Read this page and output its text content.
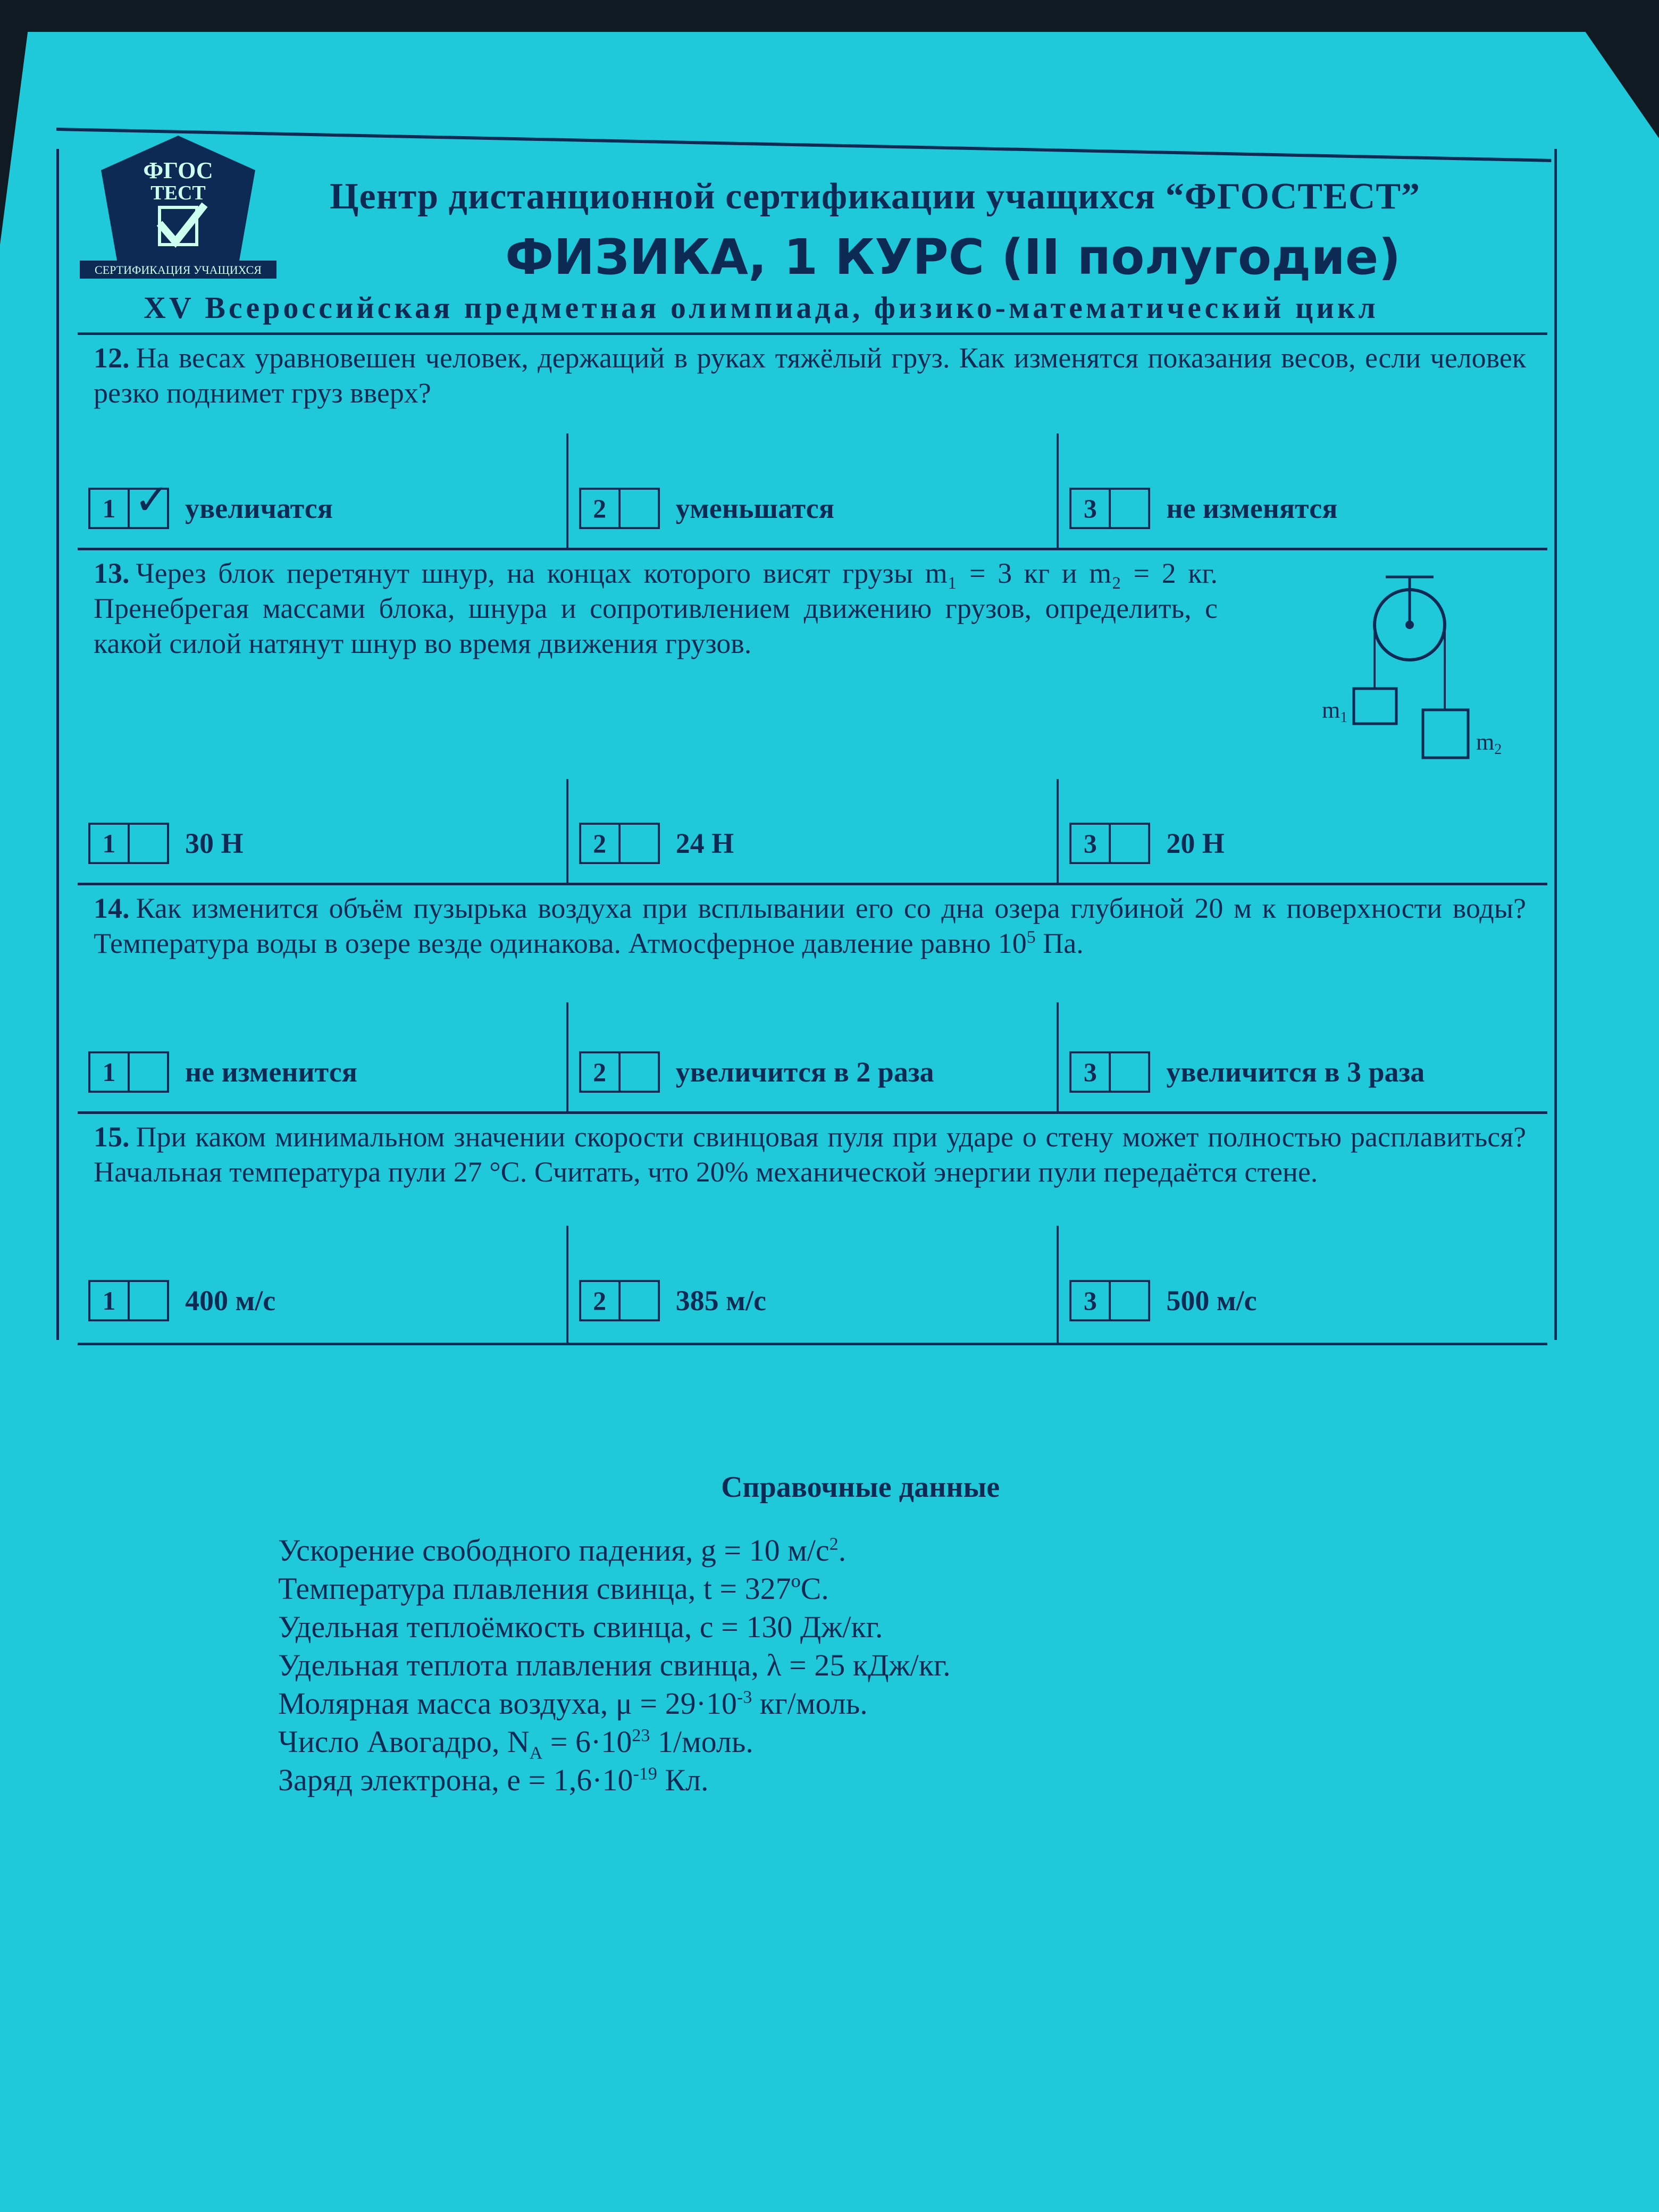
ФГОС
ТЕСТ
СЕРТИФИКАЦИЯ УЧАЩИХСЯ
Центр дистанционной сертификации учащихся “ФГОСТЕСТ”
ФИЗИКА, 1 КУРС (II полугодие)
XV Всероссийская предметная олимпиада, физико-математический цикл
12. На весах уравновешен человек, держащий в руках тяжёлый груз. Как изменятся показания весов, если человек резко поднимет груз вверх?
1 ✓ увеличатся	2	уменьшатся	3	не изменятся
13. Через блок перетянут шнур, на концах которого висят грузы m₁ = 3 кг и m₂ = 2 кг. Пренебрегая массами блока, шнура и сопротивлением движению грузов, определить, с какой силой натянут шнур во время движения грузов.
m1
m2
1	30 Н	2	24 Н	3	20 Н
14. Как изменится объём пузырька воздуха при всплывании его со дна озера глубиной 20 м к поверхности воды? Температура воды в озере везде одинакова. Атмосферное давление равно $10^5$ Па.
1	не изменится	2	увеличится в 2 раза	3	увеличится в 3 раза
15. При каком минимальном значении скорости свинцовая пуля при ударе о стену может полностью расплавиться? Начальная температура пули 27 °С. Считать, что 20% механической энергии пули передаётся стене.
1	400 м/с	2	385 м/с	3	500 м/с
Справочные данные
Ускорение свободного падения, g = 10 $м/с^2$.
Температура плавления свинца, t = 327ºС.
Удельная теплоёмкость свинца, с = 130 Дж/кг.
Удельная теплота плавления свинца, λ = 25 кДж/кг.
Молярная масса воздуха, $\mu = 29\cdot 10^{-3}$ кг/моль.
Число Авогадро, $N_A = 6\cdot 10^{23}$ 1/моль.
Заряд электрона, $е = 1,6\cdot 10^{-19}$ Кл.
